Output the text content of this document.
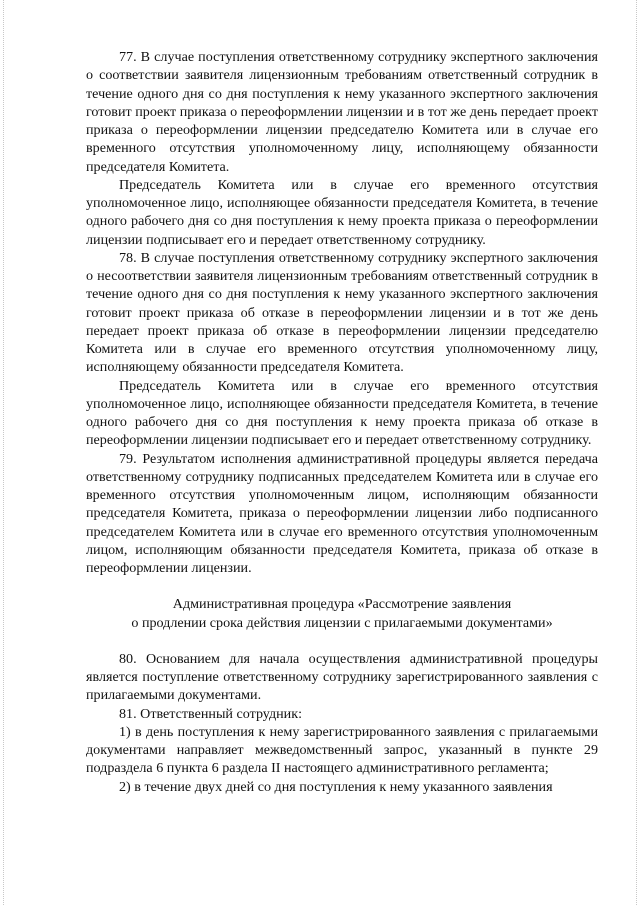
77. В случае поступления ответственному сотруднику экспертного заключения о соответствии заявителя лицензионным требованиям ответственный сотрудник в течение одного дня со дня поступления к нему указанного экспертного заключения готовит проект приказа о переоформлении лицензии и в тот же день передает проект приказа о переоформлении лицензии председателю Комитета или в случае его временного отсутствия уполномоченному лицу, исполняющему обязанности председателя Комитета.

Председатель Комитета или в случае его временного отсутствия уполномоченное лицо, исполняющее обязанности председателя Комитета, в течение одного рабочего дня со дня поступления к нему проекта приказа о переоформлении лицензии подписывает его и передает ответственному сотруднику.

78. В случае поступления ответственному сотруднику экспертного заключения о несоответствии заявителя лицензионным требованиям ответственный сотрудник в течение одного дня со дня поступления к нему указанного экспертного заключения готовит проект приказа об отказе в переоформлении лицензии и в тот же день передает проект приказа об отказе в переоформлении лицензии председателю Комитета или в случае его временного отсутствия уполномоченному лицу, исполняющему обязанности председателя Комитета.

Председатель Комитета или в случае его временного отсутствия уполномоченное лицо, исполняющее обязанности председателя Комитета, в течение одного рабочего дня со дня поступления к нему проекта приказа об отказе в переоформлении лицензии подписывает его и передает ответственному сотруднику.

79. Результатом исполнения административной процедуры является передача ответственному сотруднику подписанных председателем Комитета или в случае его временного отсутствия уполномоченным лицом, исполняющим обязанности председателя Комитета, приказа о переоформлении лицензии либо подписанного председателем Комитета или в случае его временного отсутствия уполномоченным лицом, исполняющим обязанности председателя Комитета, приказа об отказе в переоформлении лицензии.

Административная процедура «Рассмотрение заявления
о продлении срока действия лицензии с прилагаемыми документами»

80. Основанием для начала осуществления административной процедуры является поступление ответственному сотруднику зарегистрированного заявления с прилагаемыми документами.

81. Ответственный сотрудник:

1) в день поступления к нему зарегистрированного заявления с прилагаемыми документами направляет межведомственный запрос, указанный в пункте 29 подраздела 6 пункта 6 раздела II настоящего административного регламента;

2) в течение двух дней со дня поступления к нему указанного заявления
